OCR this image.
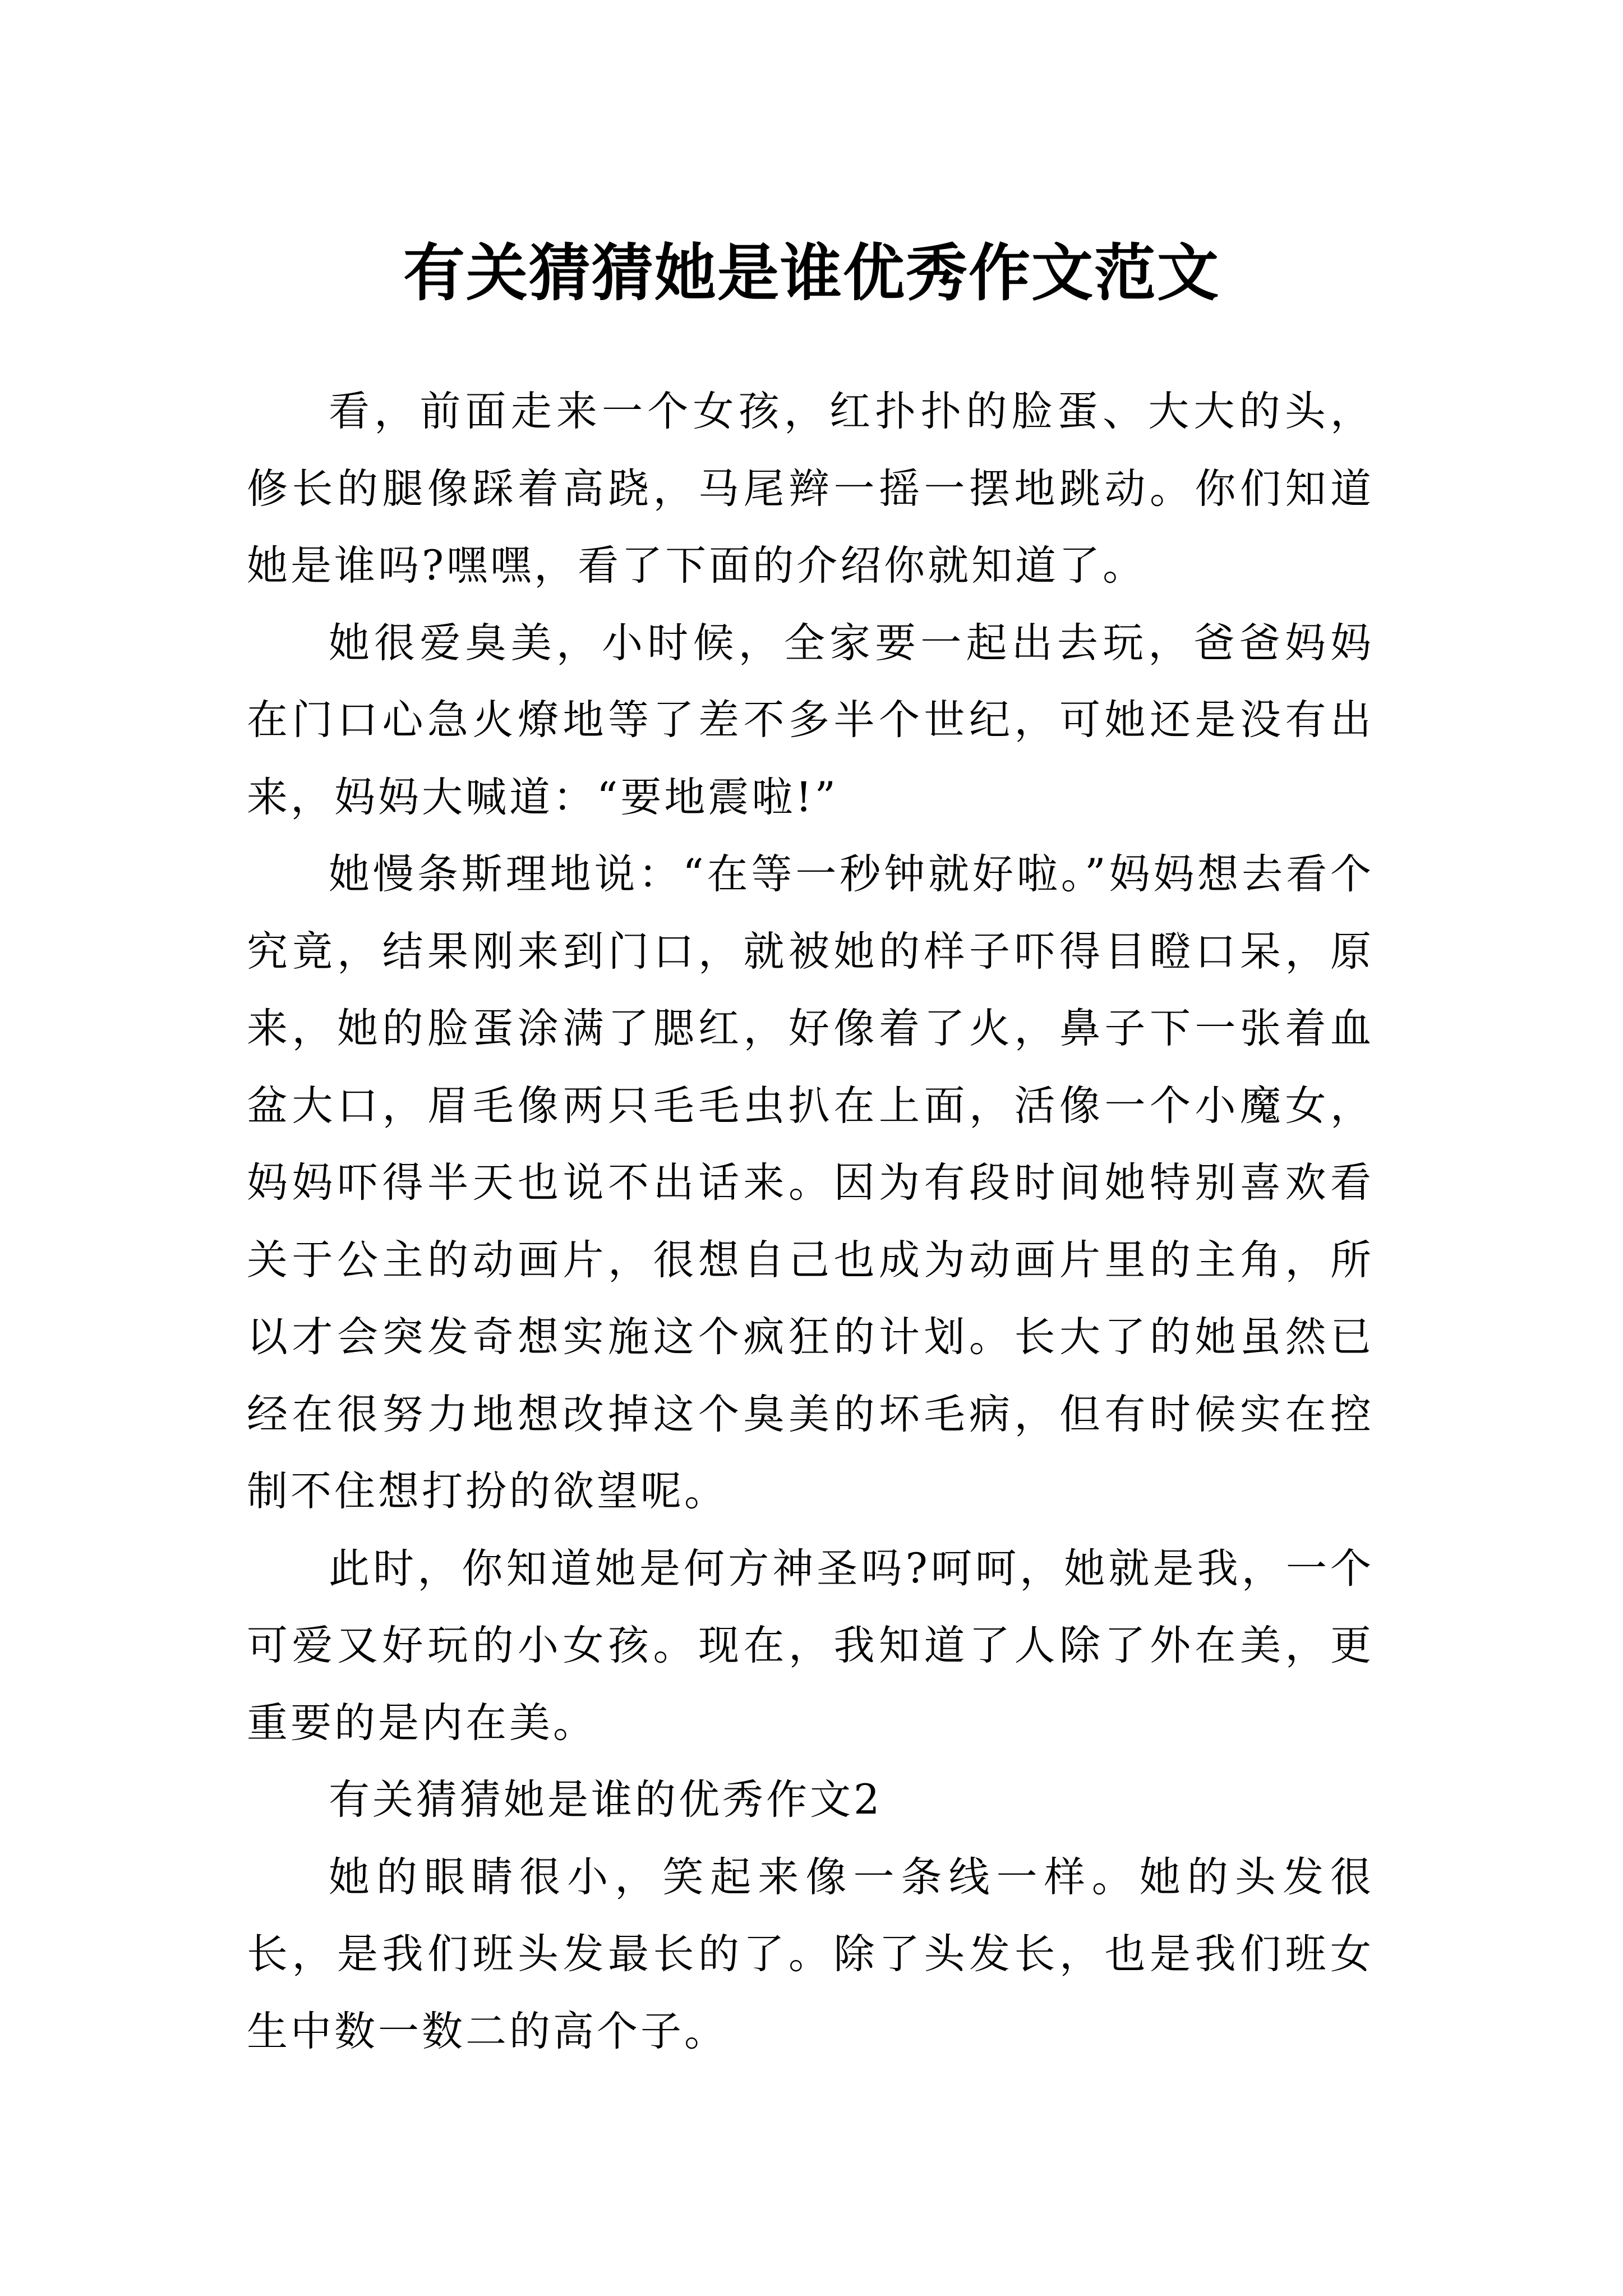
有关猜猜她是谁优秀作文范文

看，前面走来一个女孩，红扑扑的脸蛋、大大的头，修长的腿像踩着高跷，马尾辫一摇一摆地跳动。你们知道她是谁吗?嘿嘿，看了下面的介绍你就知道了。

她很爱臭美，小时候，全家要一起出去玩，爸爸妈妈在门口心急火燎地等了差不多半个世纪，可她还是没有出来，妈妈大喊道：“要地震啦!”

她慢条斯理地说：“在等一秒钟就好啦。”妈妈想去看个究竟，结果刚来到门口，就被她的样子吓得目瞪口呆，原来，她的脸蛋涂满了腮红，好像着了火，鼻子下一张着血盆大口，眉毛像两只毛毛虫扒在上面，活像一个小魔女，妈妈吓得半天也说不出话来。因为有段时间她特别喜欢看关于公主的动画片，很想自己也成为动画片里的主角，所以才会突发奇想实施这个疯狂的计划。长大了的她虽然已经在很努力地想改掉这个臭美的坏毛病，但有时候实在控制不住想打扮的欲望呢。

此时，你知道她是何方神圣吗?呵呵，她就是我，一个可爱又好玩的小女孩。现在，我知道了人除了外在美，更重要的是内在美。

有关猜猜她是谁的优秀作文2

她的眼睛很小，笑起来像一条线一样。她的头发很长，是我们班头发最长的了。除了头发长，也是我们班女生中数一数二的高个子。
